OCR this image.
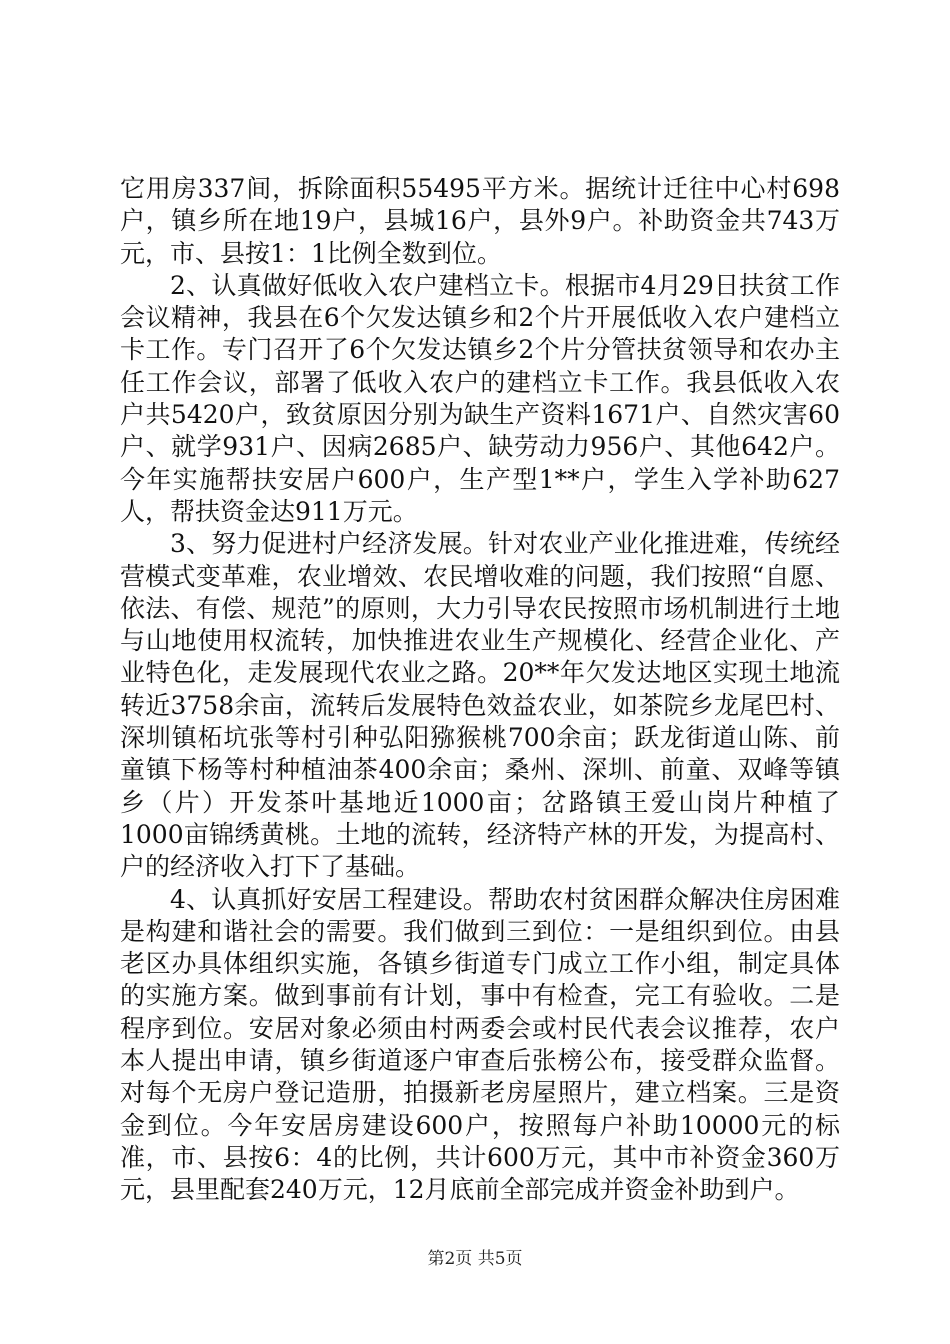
它用房337间，拆除面积55495平方米。据统计迁往中心村698户，镇乡所在地19户，县城16户，县外9户。补助资金共743万元，市、县按1：1比例全数到位。

2、认真做好低收入农户建档立卡。根据市4月29日扶贫工作会议精神，我县在6个欠发达镇乡和2个片开展低收入农户建档立卡工作。专门召开了6个欠发达镇乡2个片分管扶贫领导和农办主任工作会议，部署了低收入农户的建档立卡工作。我县低收入农户共5420户，致贫原因分别为缺生产资料1671户、自然灾害60户、就学931户、因病2685户、缺劳动力956户、其他642户。今年实施帮扶安居户600户，生产型1**户，学生入学补助627人，帮扶资金达911万元。

3、努力促进村户经济发展。针对农业产业化推进难，传统经营模式变革难，农业增效、农民增收难的问题，我们按照“自愿、依法、有偿、规范”的原则，大力引导农民按照市场机制进行土地与山地使用权流转，加快推进农业生产规模化、经营企业化、产业特色化，走发展现代农业之路。20**年欠发达地区实现土地流转近3758余亩，流转后发展特色效益农业，如茶院乡龙尾巴村、深圳镇柘坑张等村引种弘阳猕猴桃700余亩；跃龙街道山陈、前童镇下杨等村种植油茶400余亩；桑州、深圳、前童、双峰等镇乡（片）开发茶叶基地近1000亩；岔路镇王爱山岗片种植了1000亩锦绣黄桃。土地的流转，经济特产林的开发，为提高村、户的经济收入打下了基础。

4、认真抓好安居工程建设。帮助农村贫困群众解决住房困难是构建和谐社会的需要。我们做到三到位：一是组织到位。由县老区办具体组织实施，各镇乡街道专门成立工作小组，制定具体的实施方案。做到事前有计划，事中有检查，完工有验收。二是程序到位。安居对象必须由村两委会或村民代表会议推荐，农户本人提出申请，镇乡街道逐户审查后张榜公布，接受群众监督。对每个无房户登记造册，拍摄新老房屋照片，建立档案。三是资金到位。今年安居房建设600户，按照每户补助10000元的标准，市、县按6：4的比例，共计600万元，其中市补资金360万元，县里配套240万元，12月底前全部完成并资金补助到户。

第2页 共5页
